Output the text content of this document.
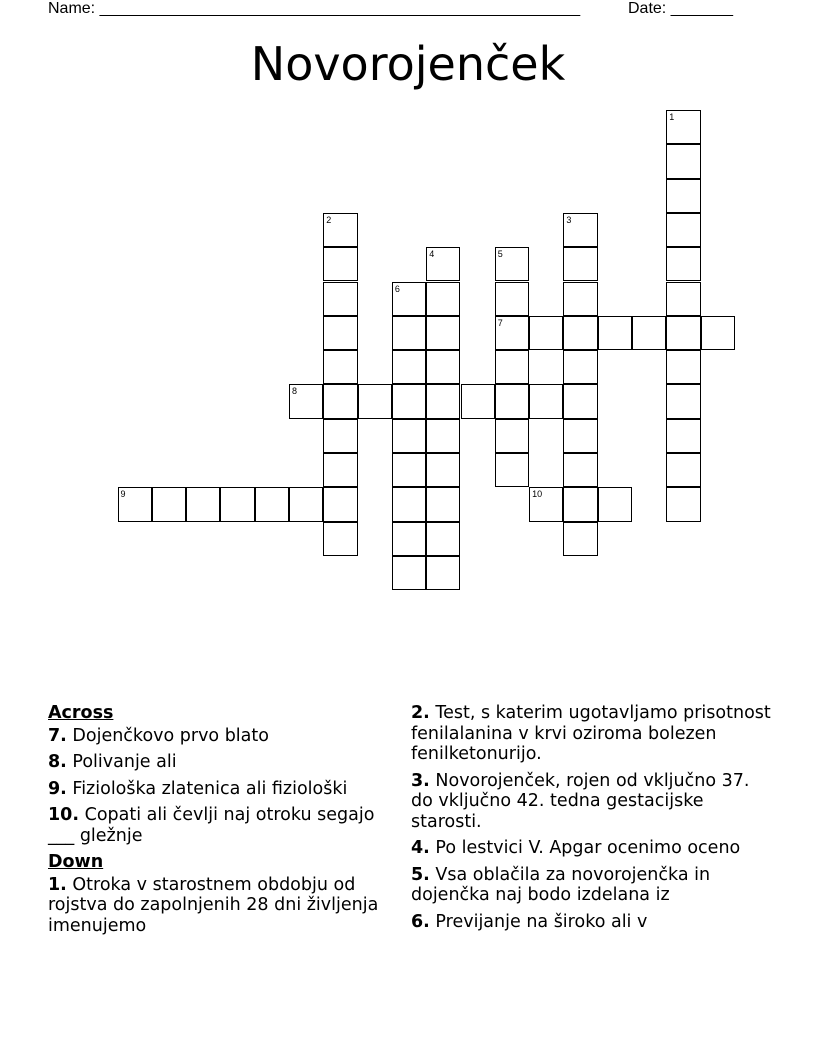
Name: ______________________________________________________	Date: _______
Novorojenček
1
2	3
4	5
7
6
8
9	10
Across
7. Dojenčkovo prvo blato
8. Polivanje ali
9. Fiziološka zlatenica ali fiziološki
10. Copati ali čevlji naj otroku segajo ___ gležnje
Down
1. Otroka v starostnem obdobju od rojstva do zapolnjenih 28 dni življenja imenujemo
2. Test, s katerim ugotavljamo prisotnost fenilalanina v krvi oziroma bolezen fenilketonurijo.
3. Novorojenček, rojen od vključno 37. do vključno 42. tedna gestacijske starosti.
4. Po lestvici V. Apgar ocenimo oceno
5. Vsa oblačila za novorojenčka in dojenčka naj bodo izdelana iz
6. Previjanje na široko ali v
